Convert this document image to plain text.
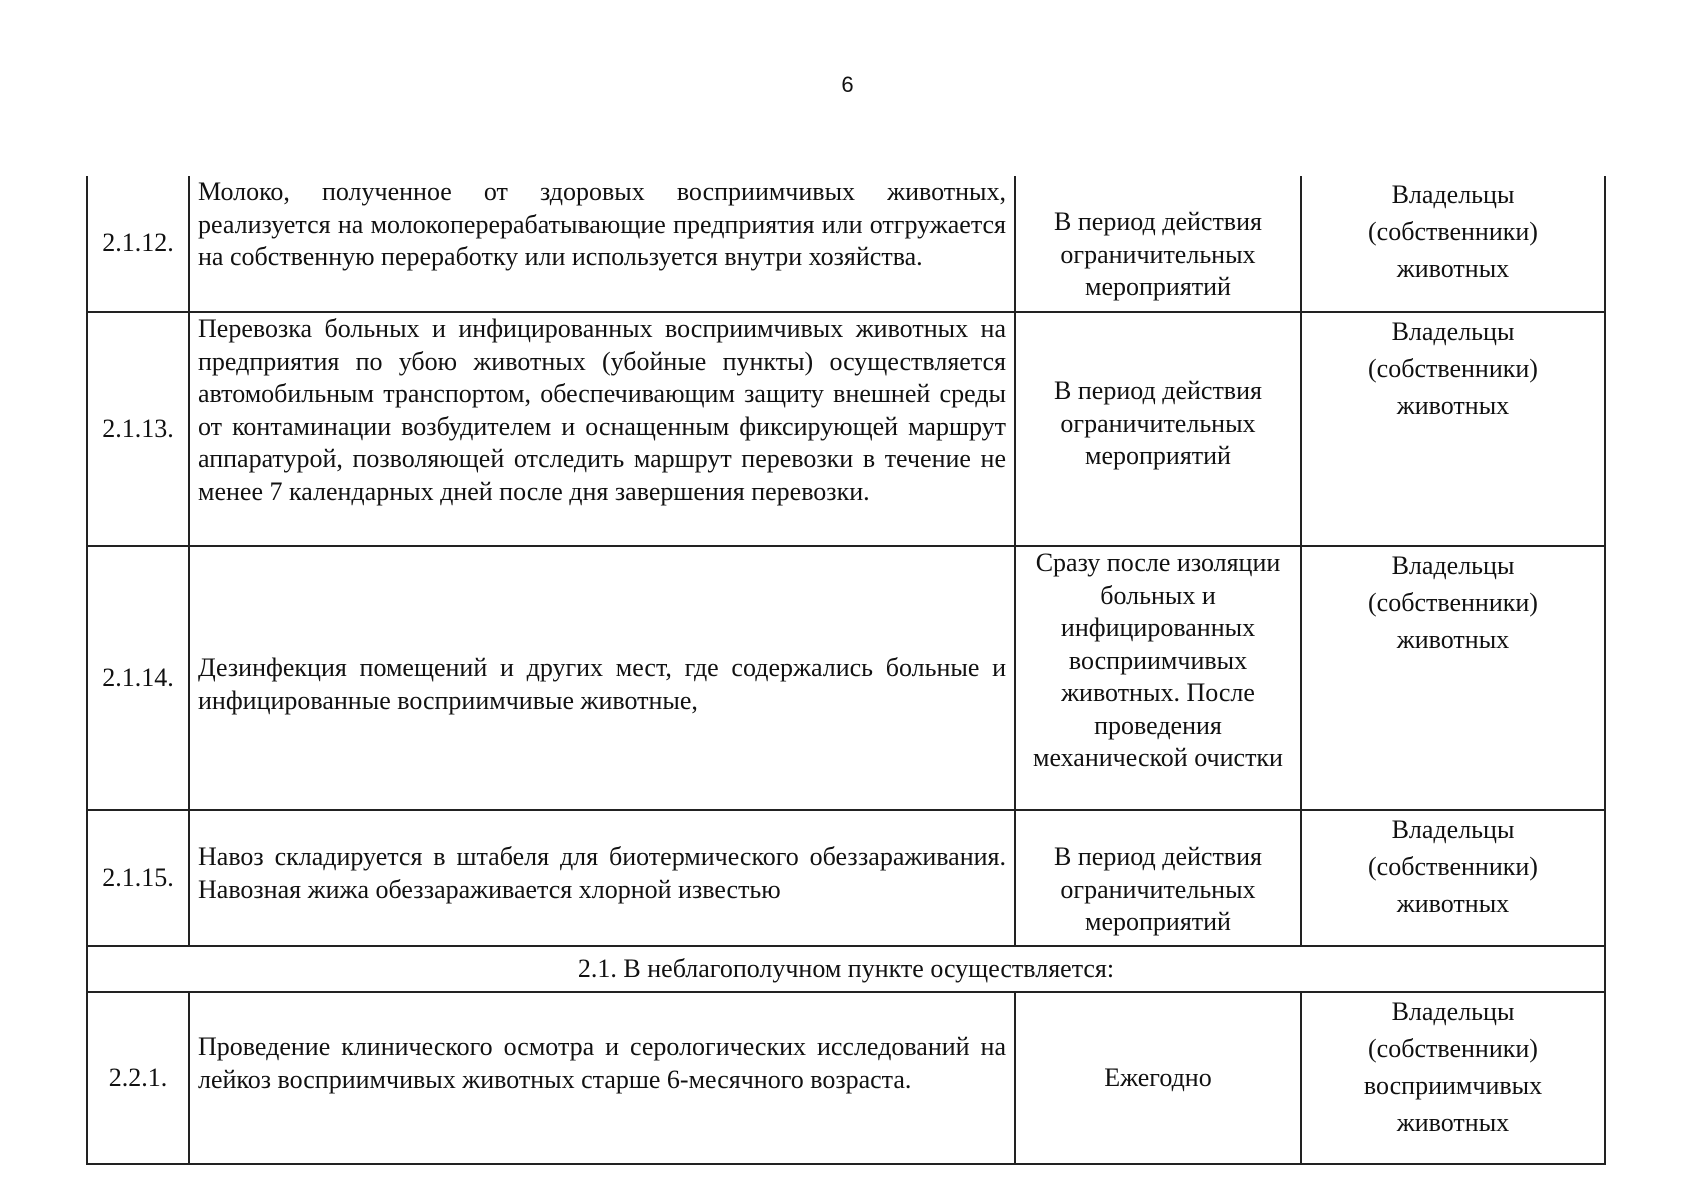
6
2.1.12.	Молоко, полученное от здоровых восприимчивых животных, реализуется на молокоперерабатывающие предприятия или отгружается на собственную переработку или используется внутри хозяйства.	В период действия ограничительных мероприятий	Владельцы (собственники) животных
2.1.13.	Перевозка больных и инфицированных восприимчивых животных на предприятия по убою животных (убойные пункты) осуществляется автомобильным транспортом, обеспечивающим защиту внешней среды от контаминации возбудителем и оснащенным фиксирующей маршрут аппаратурой, позволяющей отследить маршрут перевозки в течение не менее 7 календарных дней после дня завершения перевозки.	В период действия ограничительных мероприятий	Владельцы (собственники) животных
2.1.14.	Дезинфекция помещений и других мест, где содержались больные и инфицированные восприимчивые животные,	Сразу после изоляции больных и инфицированных восприимчивых животных. После проведения механической очистки	Владельцы (собственники) животных
2.1.15.	Навоз складируется в штабеля для биотермического обеззараживания. Навозная жижа обеззараживается хлорной известью	В период действия ограничительных мероприятий	Владельцы (собственники) животных
2.1. В неблагополучном пункте осуществляется:			
2.2.1.	Проведение клинического осмотра и серологических исследований на лейкоз восприимчивых животных старше 6-месячного возраста.	Ежегодно	Владельцы (собственники) восприимчивых животных
